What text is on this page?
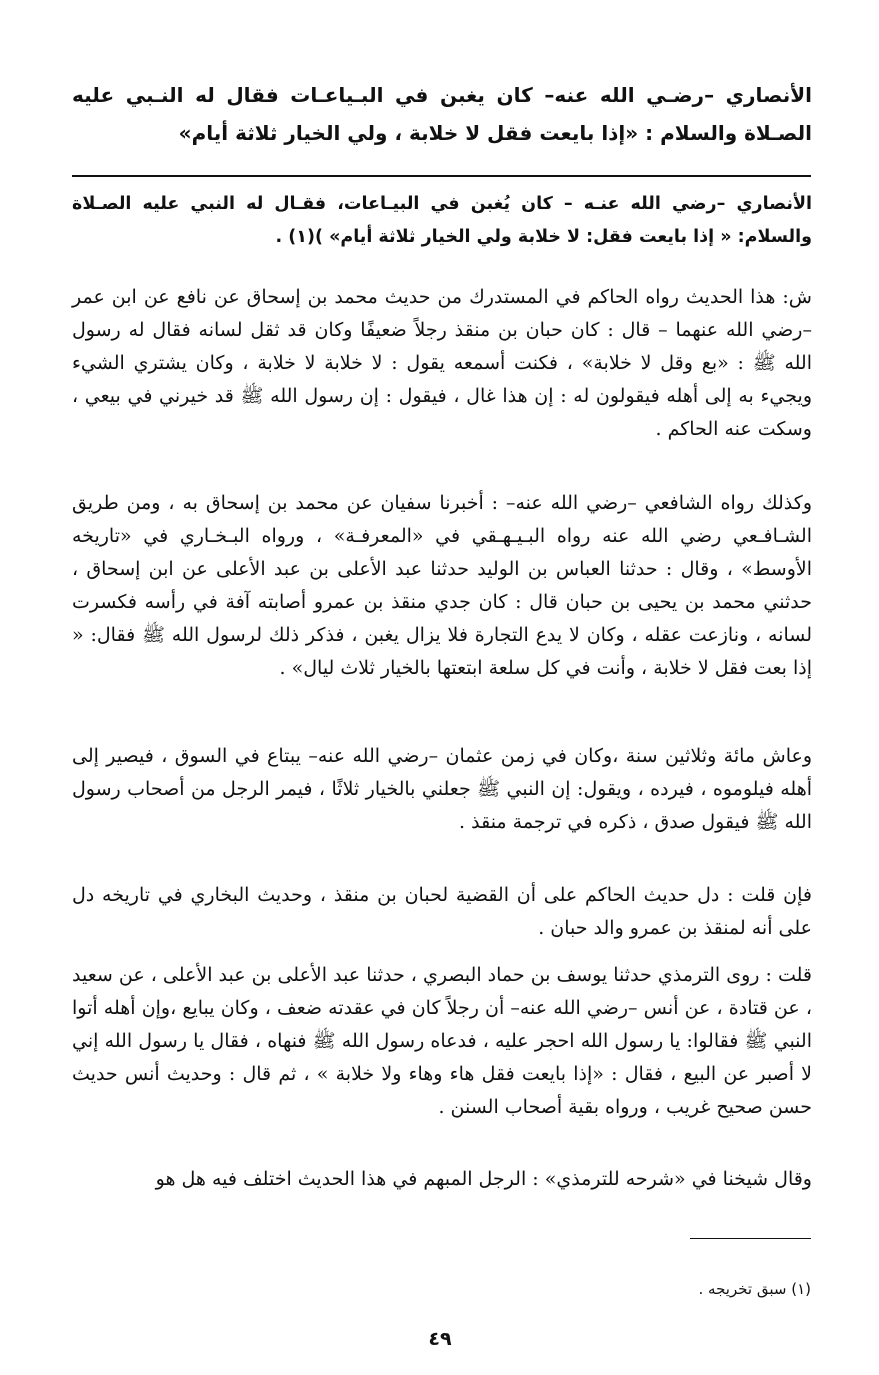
الأنصاري –رضـي الله عنه– كان يغبن في البـياعـات فقال له النـبي عليه الصـلاة والسلام : «إذا بايعت فقل لا خلابة ، ولي الخيار ثلاثة أيام»
الأنصاري –رضي الله عنـه – كان يُغبن في البيـاعات، فقـال له النبي عليه الصـلاة والسلام: « إذا بايعت فقل: لا خلابة ولي الخيار ثلاثة أيام» )(١) .
ش: هذا الحديث رواه الحاكم في المستدرك من حديث محمد بن إسحاق عن نافع عن ابن عمر –رضي الله عنهما – قال : كان حبان بن منقذ رجلاً ضعيفًا وكان قد ثقل لسانه فقال له رسول الله ﷺ : «بع وقل لا خلابة» ، فكنت أسمعه يقول : لا خلابة لا خلابة ، وكان يشتري الشيء ويجيء به إلى أهله فيقولون له : إن هذا غال ، فيقول : إن رسول الله ﷺ قد خيرني في بيعي ، وسكت عنه الحاكم .
وكذلك رواه الشافعي –رضي الله عنه– : أخبرنا سفيان عن محمد بن إسحاق به ، ومن طريق الشـافـعي رضي الله عنه رواه البـيـهـقي في «المعرفـة» ، ورواه البـخـاري في «تاريخه الأوسط» ، وقال : حدثنا العباس بن الوليد حدثنا عبد الأعلى بن عبد الأعلى عن ابن إسحاق ، حدثني محمد بن يحيى بن حبان قال : كان جدي منقذ بن عمرو أصابته آفة في رأسه فكسرت لسانه ، ونازعت عقله ، وكان لا يدع التجارة فلا يزال يغبن ، فذكر ذلك لرسول الله ﷺ فقال: « إذا بعت فقل لا خلابة ، وأنت في كل سلعة ابتعتها بالخيار ثلاث ليال» .
وعاش مائة وثلاثين سنة ،وكان في زمن عثمان –رضي الله عنه– يبتاع في السوق ، فيصير إلى أهله فيلوموه ، فيرده ، ويقول: إن النبي ﷺ جعلني بالخيار ثلاثًا ، فيمر الرجل من أصحاب رسول الله ﷺ فيقول صدق ، ذكره في ترجمة منقذ .
فإن قلت : دل حديث الحاكم على أن القضية لحبان بن منقذ ، وحديث البخاري في تاريخه دل على أنه لمنقذ بن عمرو والد حبان .
قلت : روى الترمذي حدثنا يوسف بن حماد البصري ، حدثنا عبد الأعلى بن عبد الأعلى ، عن سعيد ، عن قتادة ، عن أنس –رضي الله عنه– أن رجلاً كان في عقدته ضعف ، وكان يبايع ،وإن أهله أتوا النبي ﷺ فقالوا: يا رسول الله احجر عليه ، فدعاه رسول الله ﷺ فنهاه ، فقال يا رسول الله إني لا أصبر عن البيع ، فقال : «إذا بايعت فقل هاء وهاء ولا خلابة » ، ثم قال : وحديث أنس حديث حسن صحيح غريب ، ورواه بقية أصحاب السنن .
وقال شيخنا في «شرحه للترمذي» : الرجل المبهم في هذا الحديث اختلف فيه هل هو
(١) سبق تخريجه .
٤٩
